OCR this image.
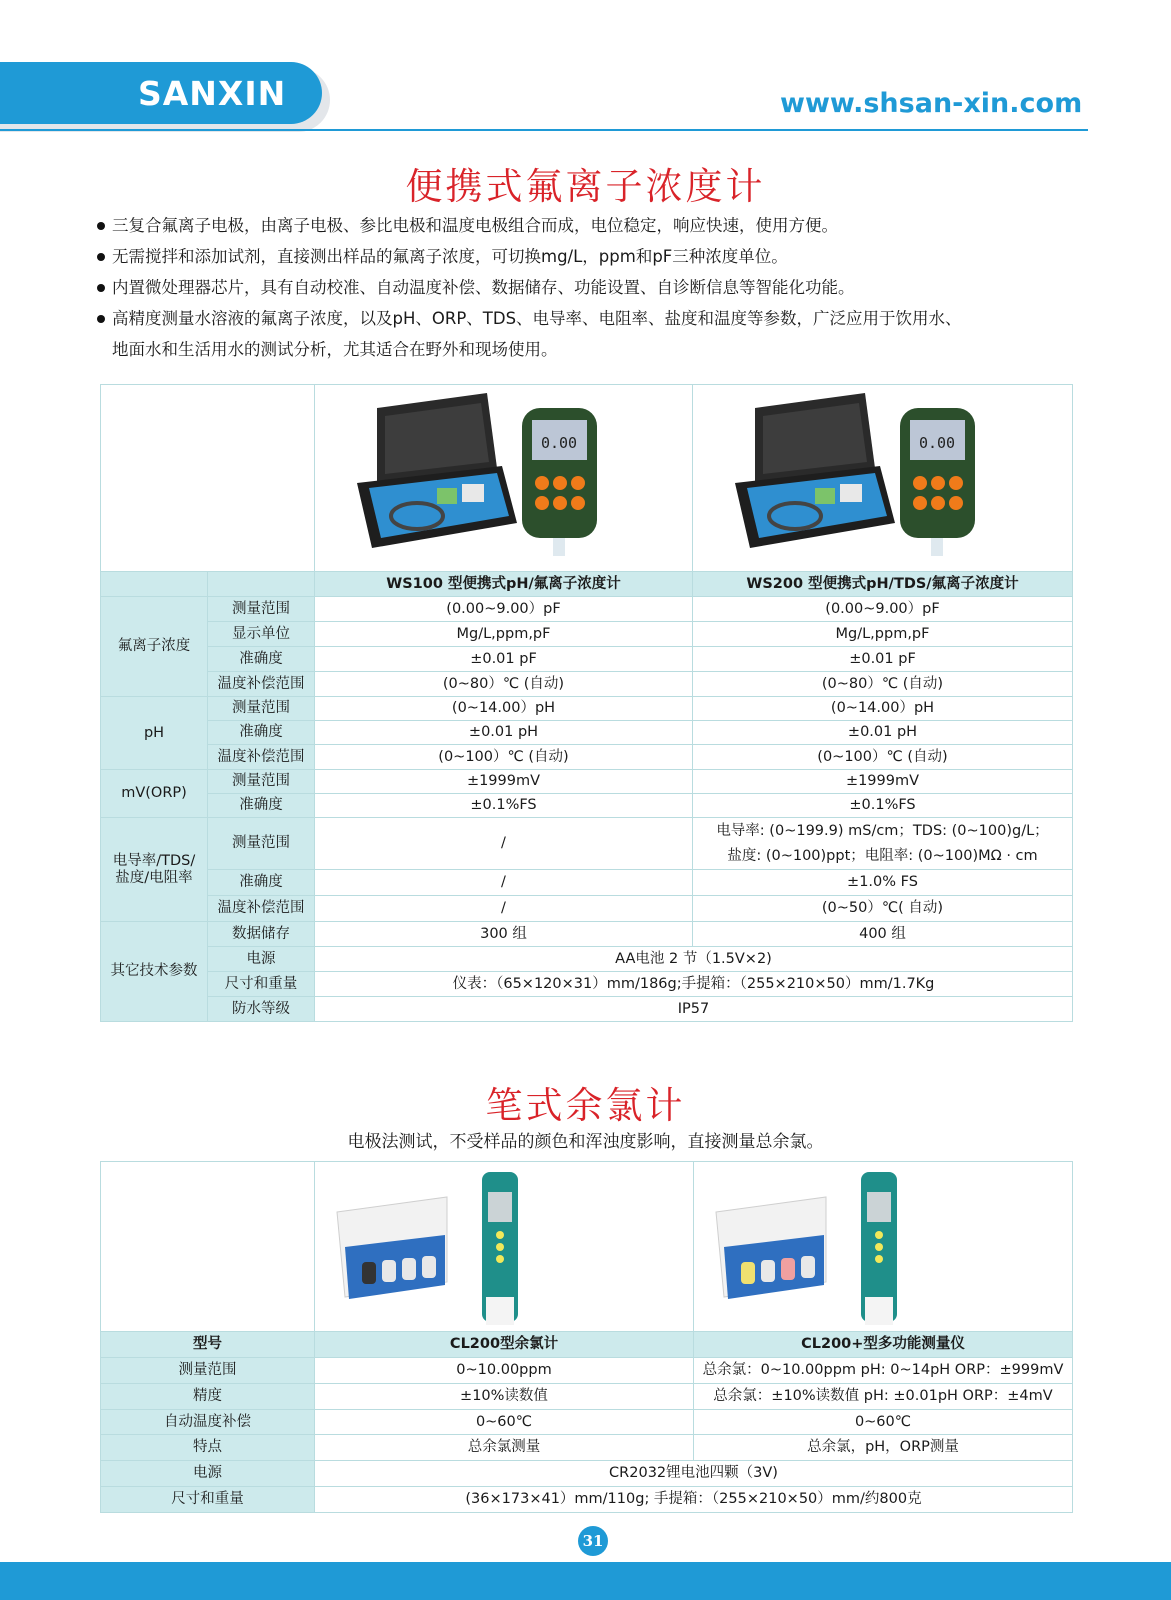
SANXIN	www.shsan-xin.com
便携式氟离子浓度计
三复合氟离子电极，由离子电极、参比电极和温度电极组合而成，电位稳定，响应快速，使用方便。
无需搅拌和添加试剂，直接测出样品的氟离子浓度，可切换mg/L，ppm和pF三种浓度单位。
内置微处理器芯片，具有自动校准、自动温度补偿、数据储存、功能设置、自诊断信息等智能化功能。
高精度测量水溶液的氟离子浓度，以及pH、ORP、TDS、电导率、电阻率、盐度和温度等参数，广泛应用于饮用水、
地面水和生活用水的测试分析，尤其适合在野外和现场使用。

0.00	0.00

		WS100 型便携式pH/氟离子浓度计	WS200 型便携式pH/TDS/氟离子浓度计
氟离子浓度	测量范围	(0.00~9.00）pF	(0.00~9.00）pF
	显示单位	Mg/L,ppm,pF	Mg/L,ppm,pF
	准确度	±0.01 pF	±0.01 pF
	温度补偿范围	(0~80）℃ (自动)	(0~80）℃ (自动)
pH	测量范围	(0~14.00）pH	(0~14.00）pH
	准确度	±0.01 pH	±0.01 pH
	温度补偿范围	(0~100）℃ (自动)	(0~100）℃ (自动)
mV(ORP)	测量范围	±1999mV	±1999mV
	准确度	±0.1%FS	±0.1%FS
电导率/TDS/盐度/电阻率	测量范围	/	电导率: (0~199.9) mS/cm；TDS: (0~100)g/L；
盐度: (0~100)ppt；电阻率: (0~100)MΩ · cm

	准确度	/	±1.0% FS
	温度补偿范围	/	(0~50）℃( 自动)
其它技术参数	数据储存	300 组	400 组
	电源	AA电池 2 节（1.5V×2)	
	尺寸和重量	仪表：（65×120×31）mm/186g;手提箱：（255×210×50）mm/1.7Kg	
	防水等级	IP57	
笔式余氯计
电极法测试，不受样品的颜色和浑浊度影响，直接测量总余氯。

型号	CL200型余氯计	CL200+型多功能测量仪
测量范围	0~10.00ppm	总余氯：0~10.00ppm pH: 0~14pH ORP：±999mV
精度	±10%读数值	总余氯：±10%读数值 pH: ±0.01pH ORP：±4mV
自动温度补偿	0~60℃	0~60℃
特点	总余氯测量	总余氯，pH，ORP测量
电源	CR2032锂电池四颗（3V)	
尺寸和重量	(36×173×41）mm/110g; 手提箱：（255×210×50）mm/约800克	
31
